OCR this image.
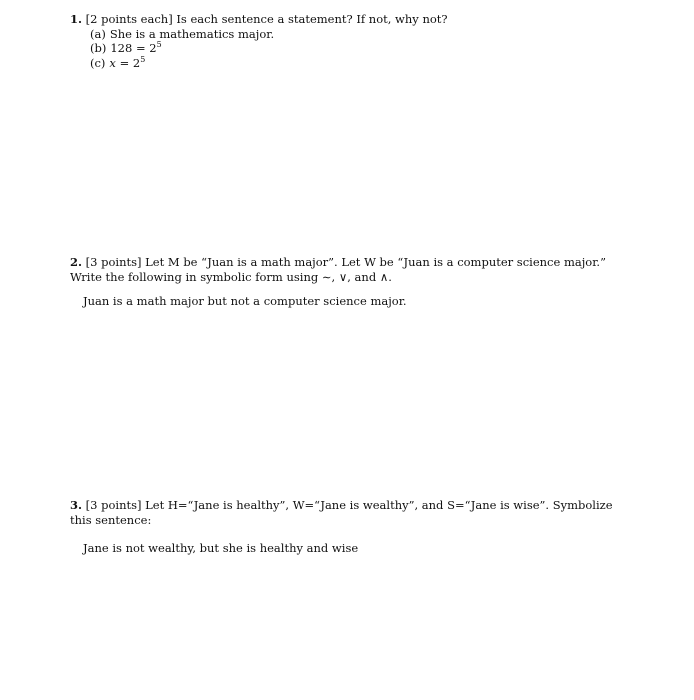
1. [2 points each] Is each sentence a statement? If not, why not?
(a) She is a mathematics major.
(b) $128 = 2^5$
(c) $x = 2^5$
2. [3 points] Let M be “Juan is a math major”. Let W be “Juan is a computer science major.” Write the following in symbolic form using ∼, ∨, and ∧.
Juan is a math major but not a computer science major.
3. [3 points] Let H=“Jane is healthy”, W=“Jane is wealthy”, and S=“Jane is wise”. Symbolize this sentence:
Jane is not wealthy, but she is healthy and wise
